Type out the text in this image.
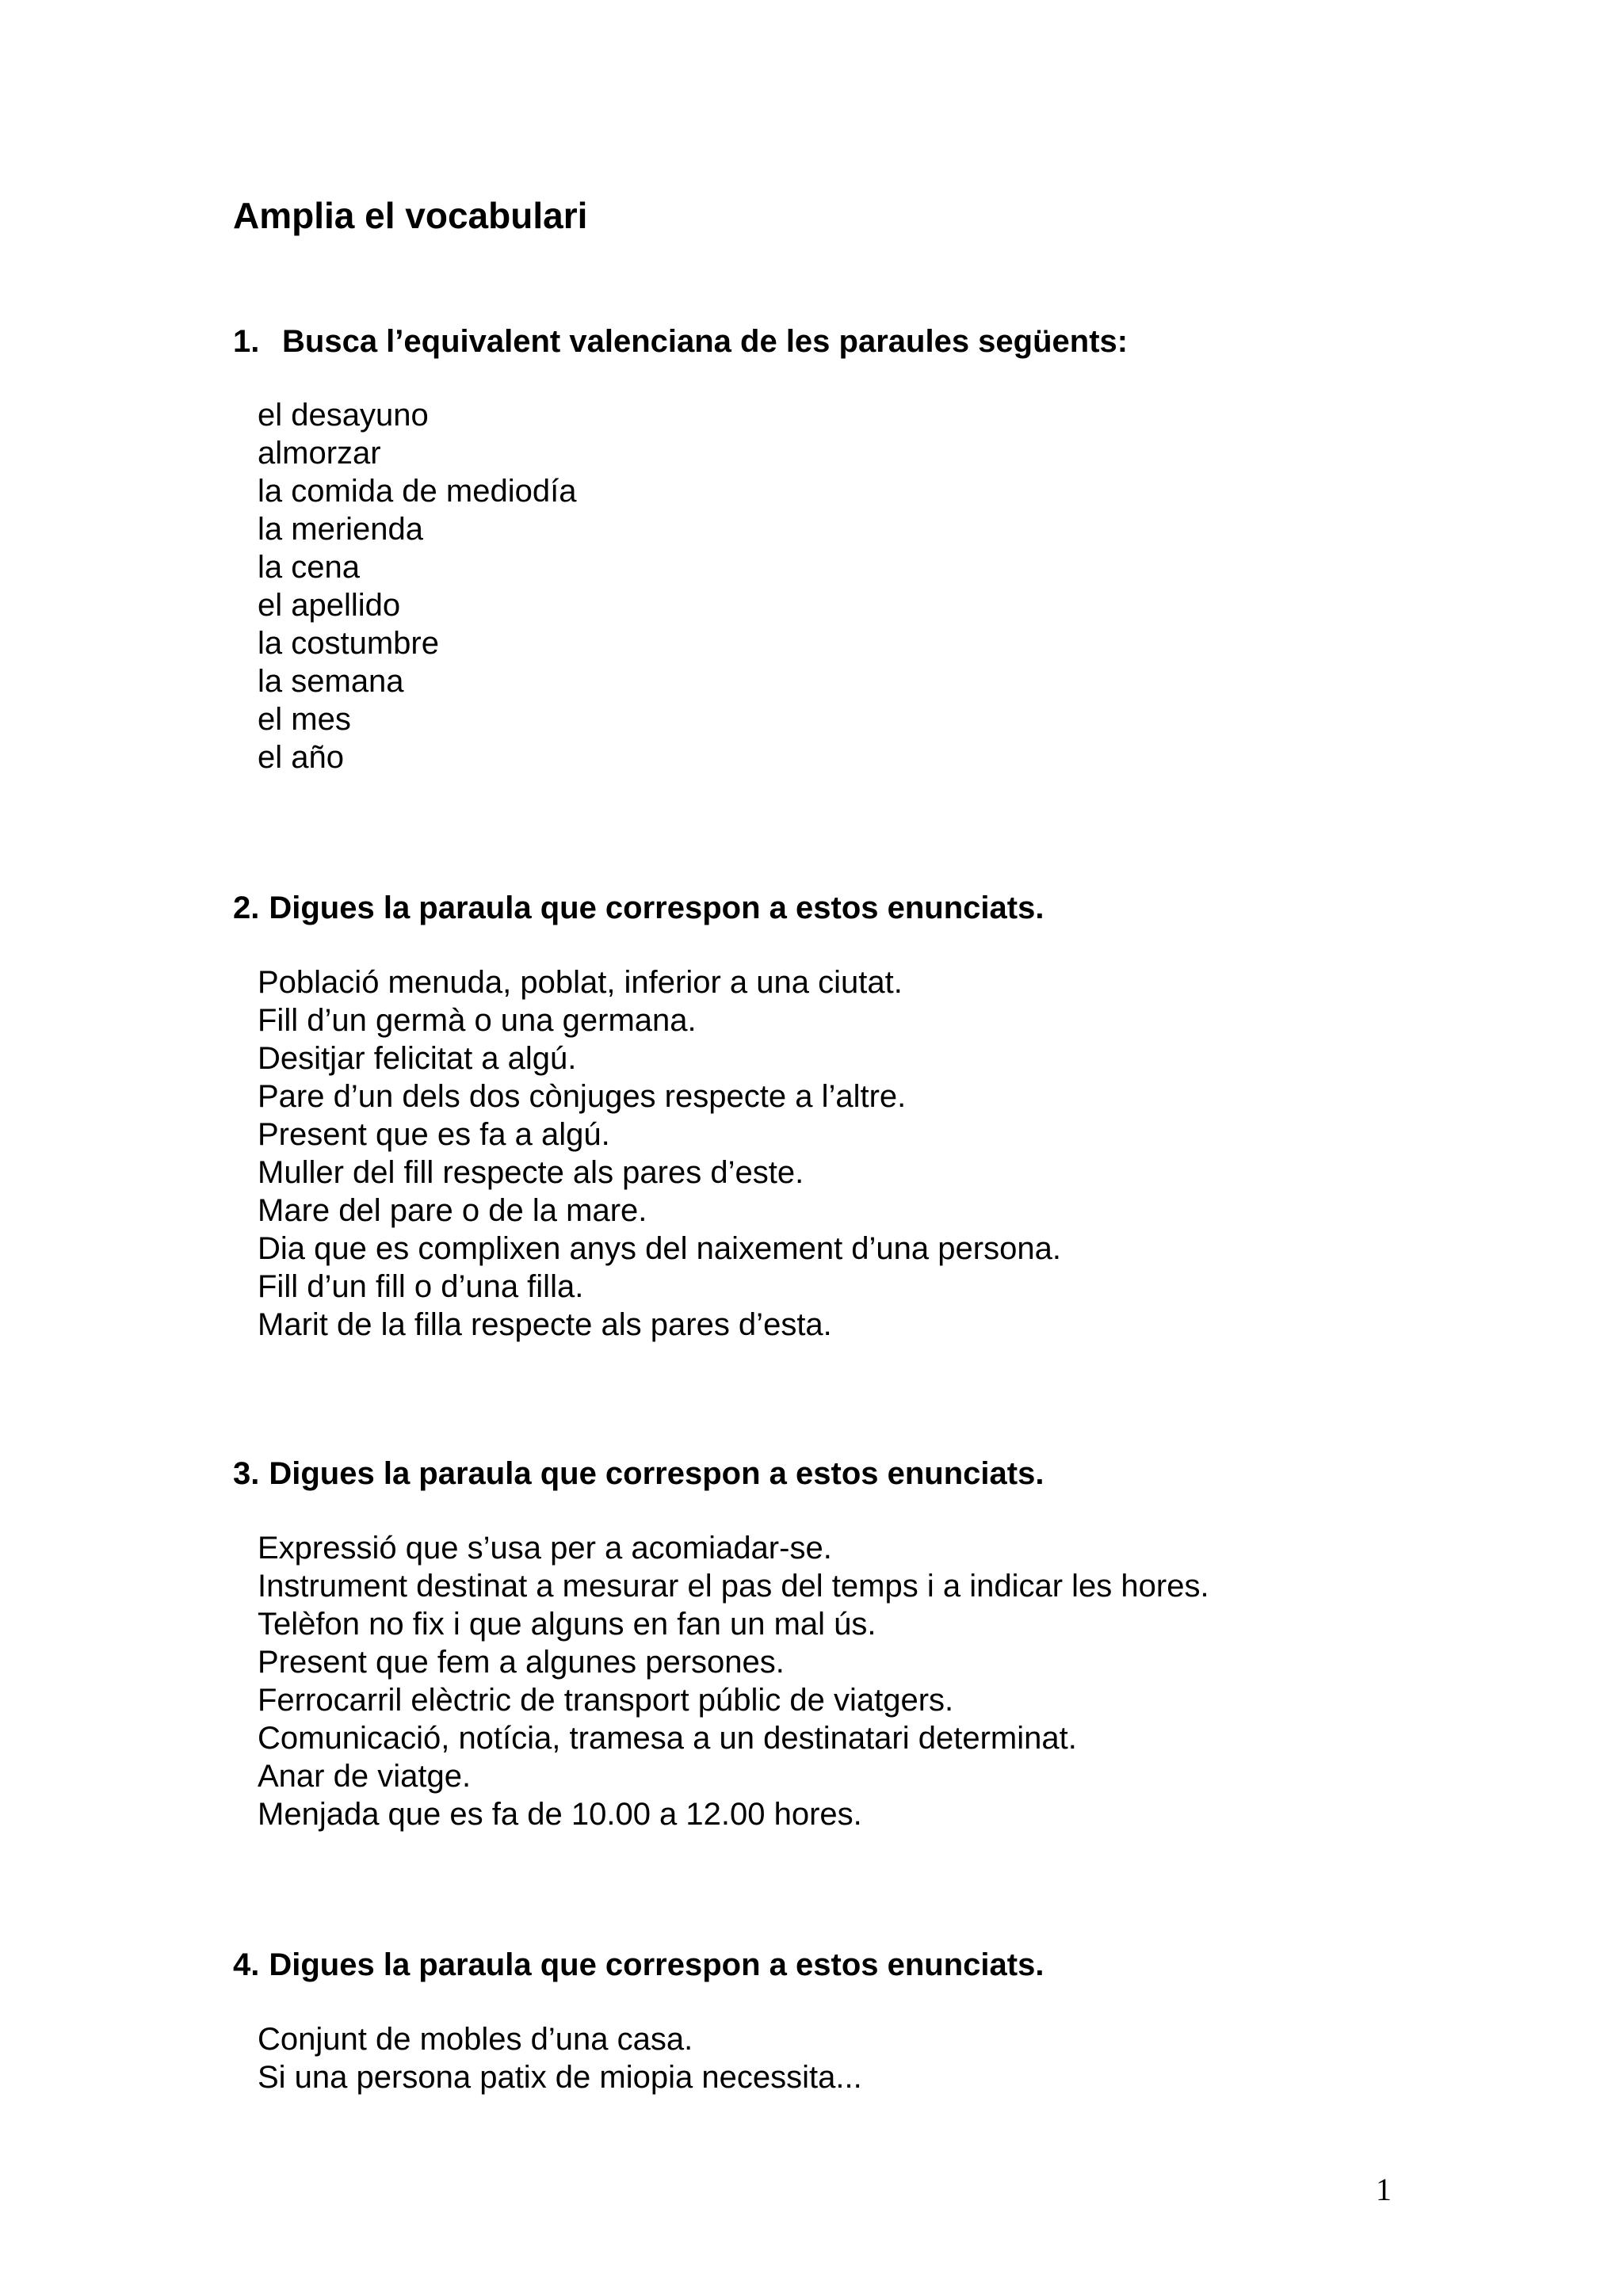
Amplia el vocabulari
1. Busca l’equivalent valenciana de les paraules següents:
el desayuno
almorzar
la comida de mediodía
la merienda
la cena
el apellido
la costumbre
la semana
el mes
el año
2. Digues la paraula que correspon a estos enunciats.
Població menuda, poblat, inferior a una ciutat.
Fill d’un germà o una germana.
Desitjar felicitat a algú.
Pare d’un dels dos cònjuges respecte a l’altre.
Present que es fa a algú.
Muller del fill respecte als pares d’este.
Mare del pare o de la mare.
Dia que es complixen anys del naixement d’una persona.
Fill d’un fill o d’una filla.
Marit de la filla respecte als pares d’esta.
3. Digues la paraula que correspon a estos enunciats.
Expressió que s’usa per a acomiadar-se.
Instrument destinat a mesurar el pas del temps i a indicar les hores.
Telèfon no fix i que alguns en fan un mal ús.
Present que fem a algunes persones.
Ferrocarril elèctric de transport públic de viatgers.
Comunicació, notícia, tramesa a un destinatari determinat.
Anar de viatge.
Menjada que es fa de 10.00 a 12.00 hores.
4. Digues la paraula que correspon a estos enunciats.
Conjunt de mobles d’una casa.
Si una persona patix de miopia necessita...

1
